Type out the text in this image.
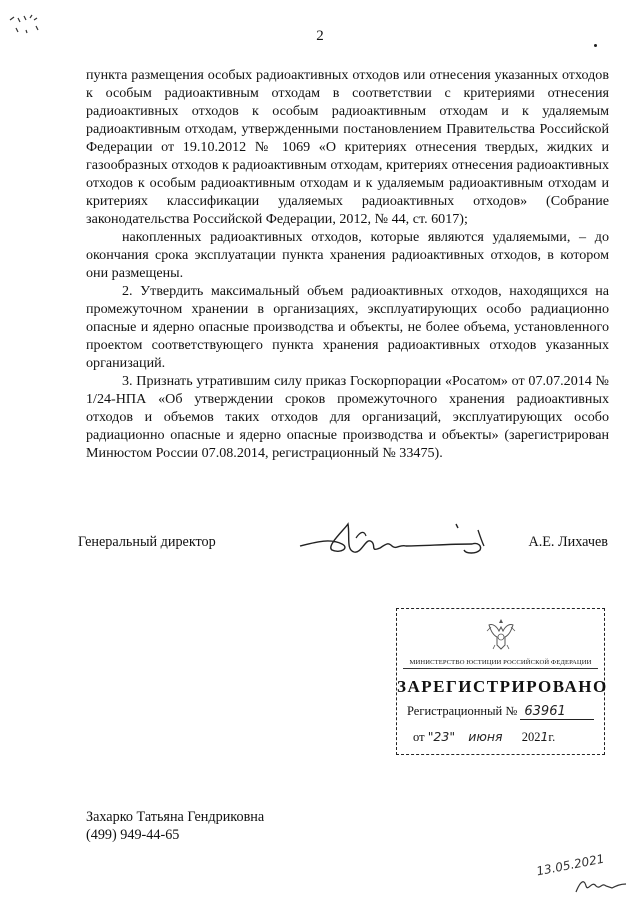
2

пункта размещения особых радиоактивных отходов или отнесения указанных отходов к особым радиоактивным отходам в соответствии с критериями отнесения радиоактивных отходов к особым радиоактивным отходам и к удаляемым радиоактивным отходам, утвержденными постановлением Правительства Российской Федерации от 19.10.2012 № 1069 «О критериях отнесения твердых, жидких и газообразных отходов к радиоактивным отходам, критериях отнесения радиоактивных отходов к особым радиоактивным отходам и к удаляемым радиоактивным отходам и критериях классификации удаляемых радиоактивных отходов» (Собрание законодательства Российской Федерации, 2012, № 44, ст. 6017);

накопленных радиоактивных отходов, которые являются удаляемыми, – до окончания срока эксплуатации пункта хранения радиоактивных отходов, в котором они размещены.

2. Утвердить максимальный объем радиоактивных отходов, находящихся на промежуточном хранении в организациях, эксплуатирующих особо радиационно опасные и ядерно опасные производства и объекты, не более объема, установленного проектом соответствующего пункта хранения радиоактивных отходов указанных организаций.

3. Признать утратившим силу приказ Госкорпорации «Росатом» от 07.07.2014 № 1/24-НПА «Об утверждении сроков промежуточного хранения радиоактивных отходов и объемов таких отходов для организаций, эксплуатирующих особо радиационно опасные и ядерно опасные производства и объекты» (зарегистрирован Минюстом России 07.08.2014, регистрационный № 33475).

Генеральный директор	А.Е. Лихачев
МИНИСТЕРСТВО ЮСТИЦИИ РОССИЙСКОЙ ФЕДЕРАЦИИ
ЗАРЕГИСТРИРОВАНО
Регистрационный № 63961
от "23" июня 2021г.
Захарко Татьяна Гендриковна
(499) 949-44-65
13.05.2021
